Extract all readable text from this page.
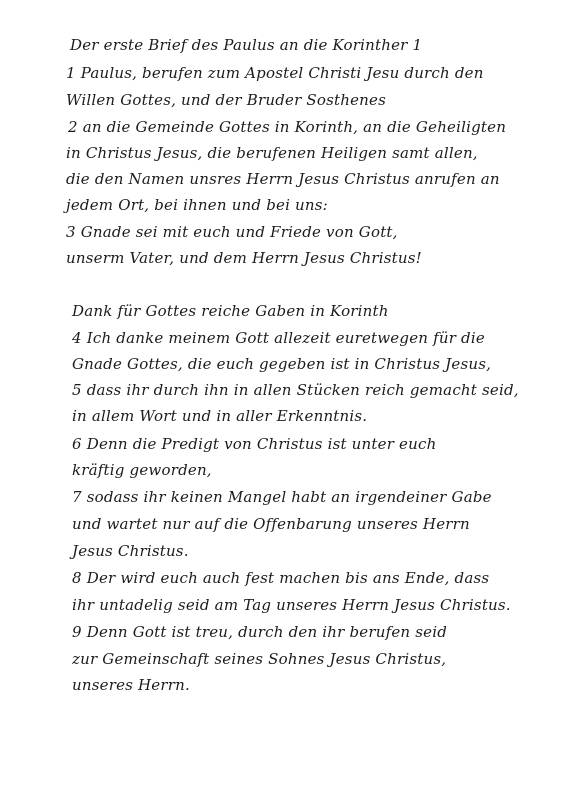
Der erste Brief des Paulus an die Korinther 1
1 Paulus, berufen zum Apostel Christi Jesu durch den
Willen Gottes, und der Bruder Sosthenes
2 an die Gemeinde Gottes in Korinth, an die Geheiligten
in Christus Jesus, die berufenen Heiligen samt allen,
die den Namen unsres Herrn Jesus Christus anrufen an
jedem Ort, bei ihnen und bei uns:
3 Gnade sei mit euch und Friede von Gott,
unserm Vater, und dem Herrn Jesus Christus!
Dank für Gottes reiche Gaben in Korinth
4 Ich danke meinem Gott allezeit euretwegen für die
Gnade Gottes, die euch gegeben ist in Christus Jesus,
5 dass ihr durch ihn in allen Stücken reich gemacht seid,
in allem Wort und in aller Erkenntnis.
6 Denn die Predigt von Christus ist unter euch
kräftig geworden,
7 sodass ihr keinen Mangel habt an irgendeiner Gabe
und wartet nur auf die Offenbarung unseres Herrn
Jesus Christus.
8 Der wird euch auch fest machen bis ans Ende, dass
ihr untadelig seid am Tag unseres Herrn Jesus Christus.
9 Denn Gott ist treu, durch den ihr berufen seid
zur Gemeinschaft seines Sohnes Jesus Christus,
unseres Herrn.
